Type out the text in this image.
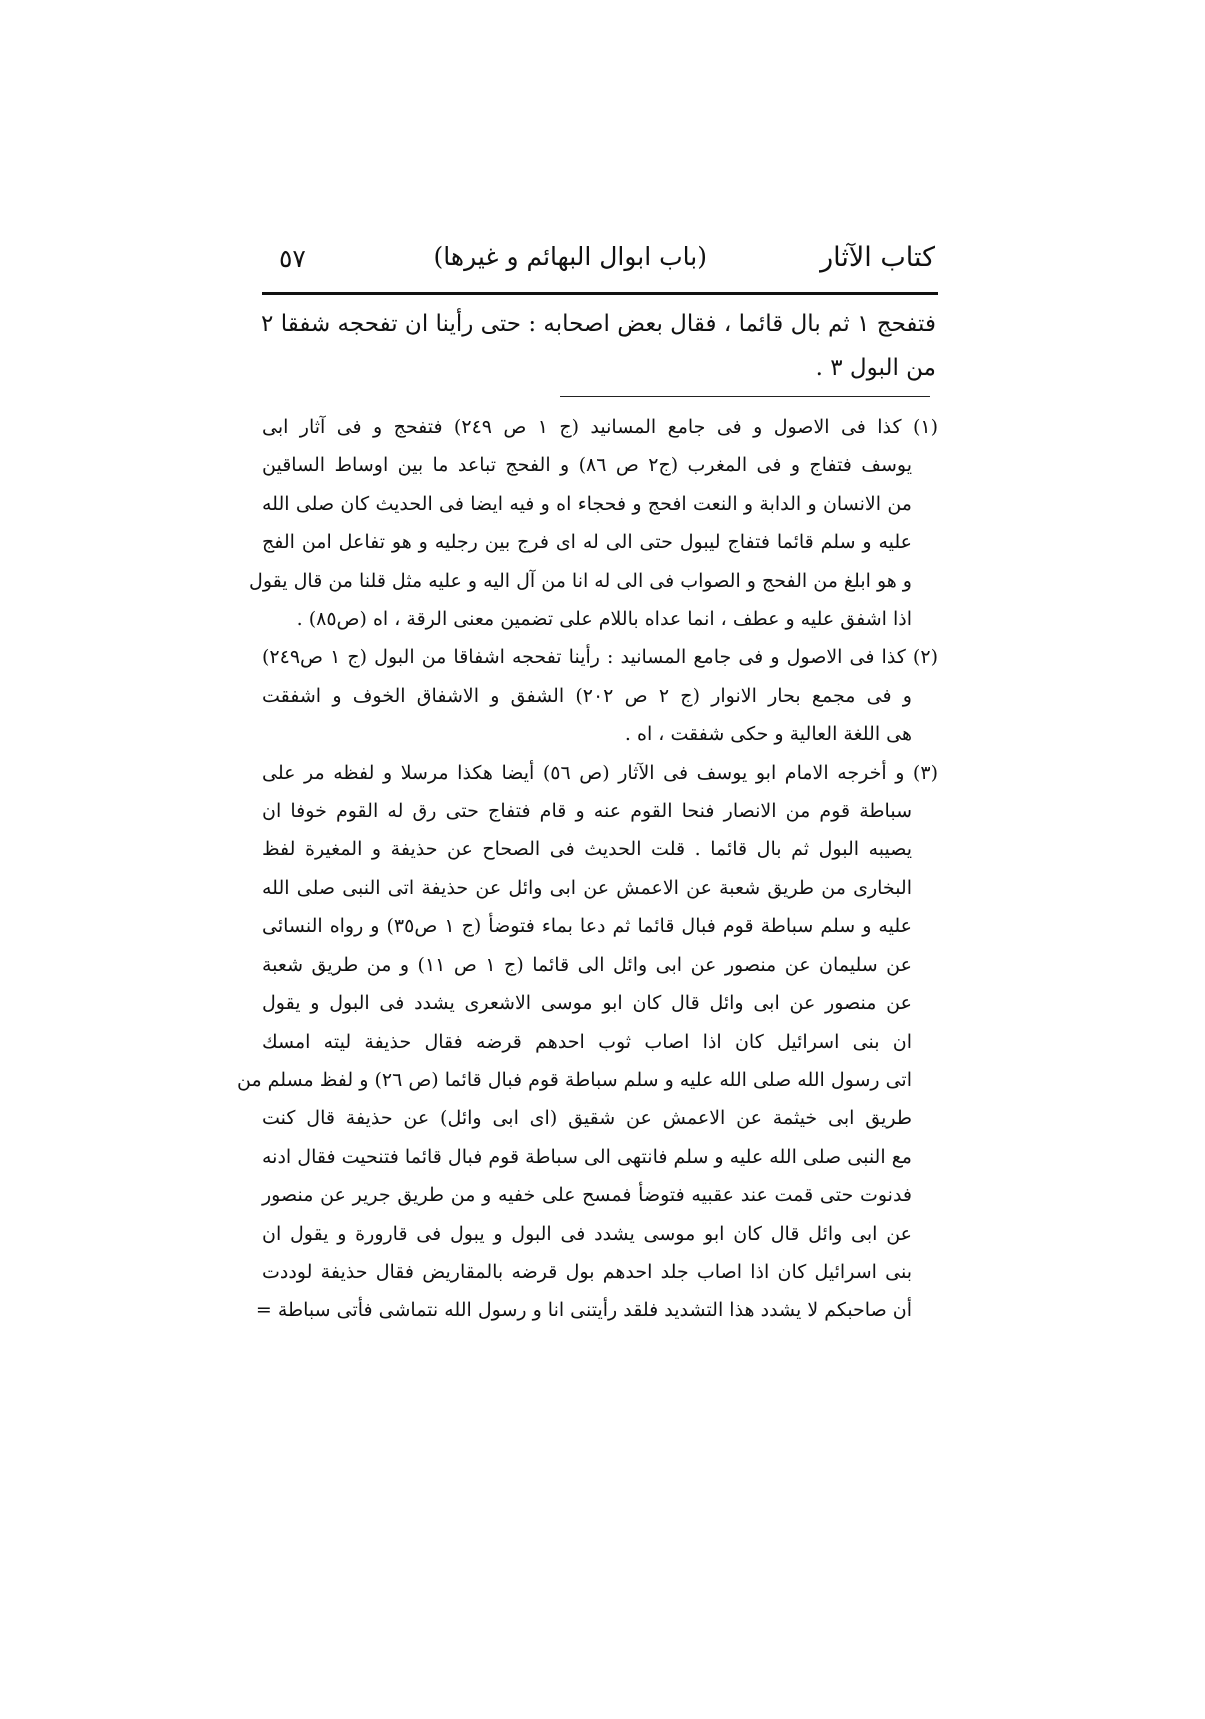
كتاب الآثار
(باب ابوال البهائم و غيرها)
٥٧
فتفحج ١ ثم بال قائما ، فقال بعض اصحابه : حتى رأينا ان تفحجه شفقا ٢
من البول ٣ .
(١) كذا فى الاصول و فى جامع المسانيد (ج ١ ص ٢٤٩) فتفحج و فى آثار ابى
يوسف فتفاج و فى المغرب (ج٢ ص ٨٦) و الفحج تباعد ما بين اوساط الساقين
من الانسان و الدابة و النعت افحج و فحجاء اه و فيه ايضا فى الحديث كان صلى الله
عليه و سلم قائما فتفاج ليبول حتى الى له اى فرج بين رجليه و هو تفاعل امن الفج
و هو ابلغ من الفحج و الصواب فى الى له انا من آل اليه و عليه مثل قلنا من قال يقول
اذا اشفق عليه و عطف ، انما عداه باللام على تضمين معنى الرقة ، اه (ص٨٥) .
(٢) كذا فى الاصول و فى جامع المسانيد : رأينا تفحجه اشفاقا من البول (ج ١ ص٢٤٩)
و فى مجمع بحار الانوار (ج ٢ ص ٢٠٢) الشفق و الاشفاق الخوف و اشفقت
هى اللغة العالية و حكى شفقت ، اه .
(٣) و أخرجه الامام ابو يوسف فى الآثار (ص ٥٦) أيضا هكذا مرسلا و لفظه مر على
سباطة قوم من الانصار فنحا القوم عنه و قام فتفاج حتى رق له القوم خوفا ان
يصيبه البول ثم بال قائما . قلت الحديث فى الصحاح عن حذيفة و المغيرة لفظ
البخارى من طريق شعبة عن الاعمش عن ابى وائل عن حذيفة اتى النبى صلى الله
عليه و سلم سباطة قوم فبال قائما ثم دعا بماء فتوضأ (ج ١ ص٣٥) و رواه النسائى
عن سليمان عن منصور عن ابى وائل الى قائما (ج ١ ص ١١) و من طريق شعبة
عن منصور عن ابى وائل قال كان ابو موسى الاشعرى يشدد فى البول و يقول
ان بنى اسرائيل كان اذا اصاب ثوب احدهم قرضه فقال حذيفة ليته امسك
اتى رسول الله صلى الله عليه و سلم سباطة قوم فبال قائما (ص ٢٦) و لفظ مسلم من
طريق ابى خيثمة عن الاعمش عن شقيق (اى ابى وائل) عن حذيفة قال كنت
مع النبى صلى الله عليه و سلم فانتهى الى سباطة قوم فبال قائما فتنحيت فقال ادنه
فدنوت حتى قمت عند عقبيه فتوضأ فمسح على خفيه و من طريق جرير عن منصور
عن ابى وائل قال كان ابو موسى يشدد فى البول و يبول فى قارورة و يقول ان
بنى اسرائيل كان اذا اصاب جلد احدهم بول قرضه بالمقاريض فقال حذيفة لوددت
أن صاحبكم لا يشدد هذا التشديد فلقد رأيتنى انا و رسول الله نتماشى فأتى سباطة =
